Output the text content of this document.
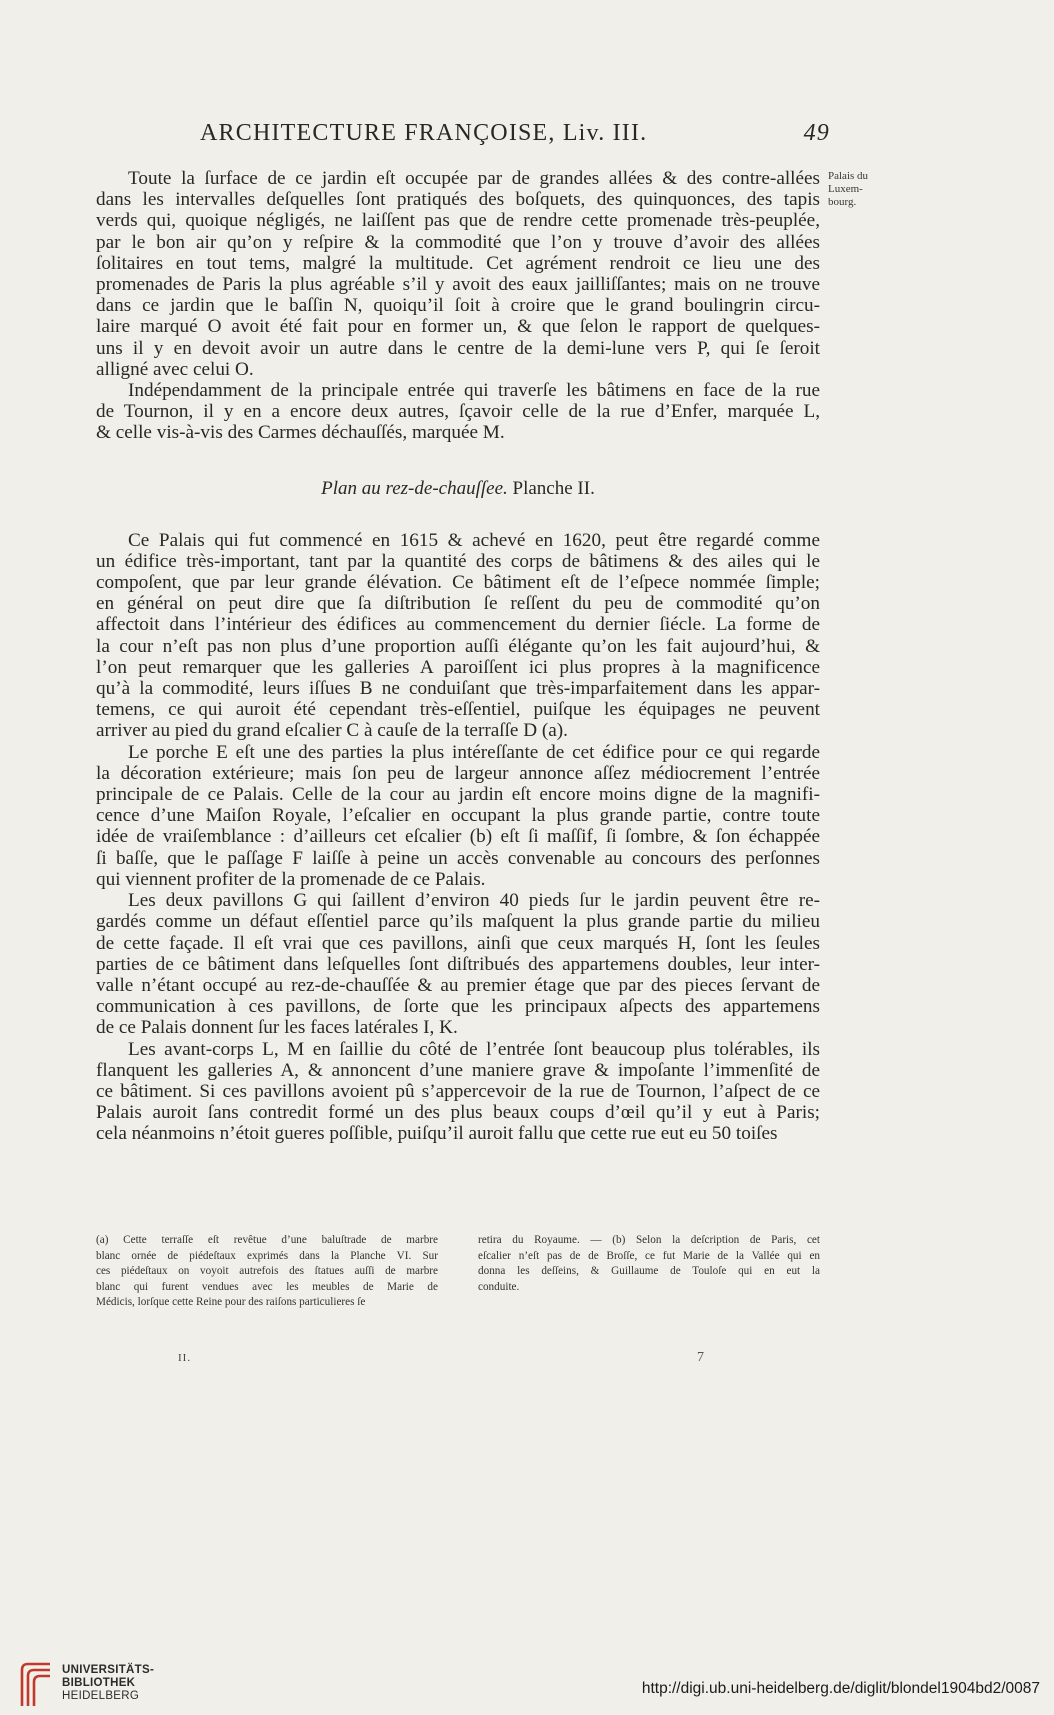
ARCHITECTURE FRANÇOISE, Liv. III.	49
Palais du
Luxem-
bourg.
Toute la ſurface de ce jardin eſt occupée par de grandes allées & des contre-allées
dans les intervalles deſquelles ſont pratiqués des boſquets, des quinquonces, des tapis
verds qui, quoique négligés, ne laiſſent pas que de rendre cette promenade très-peuplée,
par le bon air qu’on y reſpire & la commodité que l’on y trouve d’avoir des allées
ſolitaires en tout tems, malgré la multitude. Cet agrément rendroit ce lieu une des
promenades de Paris la plus agréable s’il y avoit des eaux jailliſſantes; mais on ne trouve
dans ce jardin que le baſſin N, quoiqu’il ſoit à croire que le grand boulingrin circu-
laire marqué O avoit été fait pour en former un, & que ſelon le rapport de quelques-
uns il y en devoit avoir un autre dans le centre de la demi-lune vers P, qui ſe ſeroit
alligné avec celui O.
Indépendamment de la principale entrée qui traverſe les bâtimens en face de la rue
de Tournon, il y en a encore deux autres, ſçavoir celle de la rue d’Enfer, marquée L,
& celle vis-à-vis des Carmes déchauſſés, marquée M.
Plan au rez-de-chauſſee. Planche II.
Ce Palais qui fut commencé en 1615 & achevé en 1620, peut être regardé comme
un édifice très-important, tant par la quantité des corps de bâtimens & des ailes qui le
compoſent, que par leur grande élévation. Ce bâtiment eſt de l’eſpece nommée ſimple;
en général on peut dire que ſa diſtribution ſe reſſent du peu de commodité qu’on
affectoit dans l’intérieur des édifices au commencement du dernier ſiécle. La forme de
la cour n’eſt pas non plus d’une proportion auſſi élégante qu’on les fait aujourd’hui, &
l’on peut remarquer que les galleries A paroiſſent ici plus propres à la magnificence
qu’à la commodité, leurs iſſues B ne conduiſant que très-imparfaitement dans les appar-
temens, ce qui auroit été cependant très-eſſentiel, puiſque les équipages ne peuvent
arriver au pied du grand eſcalier C à cauſe de la terraſſe D (a).
Le porche E eſt une des parties la plus intéreſſante de cet édifice pour ce qui regarde
la décoration extérieure; mais ſon peu de largeur annonce aſſez médiocrement l’entrée
principale de ce Palais. Celle de la cour au jardin eſt encore moins digne de la magnifi-
cence d’une Maiſon Royale, l’eſcalier en occupant la plus grande partie, contre toute
idée de vraiſemblance : d’ailleurs cet eſcalier (b) eſt ſi maſſif, ſi ſombre, & ſon échappée
ſi baſſe, que le paſſage F laiſſe à peine un accès convenable au concours des perſonnes
qui viennent profiter de la promenade de ce Palais.
Les deux pavillons G qui ſaillent d’environ 40 pieds ſur le jardin peuvent être re-
gardés comme un défaut eſſentiel parce qu’ils maſquent la plus grande partie du milieu
de cette façade. Il eſt vrai que ces pavillons, ainſi que ceux marqués H, ſont les ſeules
parties de ce bâtiment dans leſquelles ſont diſtribués des appartemens doubles, leur inter-
valle n’étant occupé au rez-de-chauſſée & au premier étage que par des pieces ſervant de
communication à ces pavillons, de ſorte que les principaux aſpects des appartemens
de ce Palais donnent ſur les faces latérales I, K.
Les avant-corps L, M en ſaillie du côté de l’entrée ſont beaucoup plus tolérables, ils
flanquent les galleries A, & annoncent d’une maniere grave & impoſante l’immenſité de
ce bâtiment. Si ces pavillons avoient pû s’appercevoir de la rue de Tournon, l’aſpect de ce
Palais auroit ſans contredit formé un des plus beaux coups d’œil qu’il y eut à Paris;
cela néanmoins n’étoit gueres poſſible, puiſqu’il auroit fallu que cette rue eut eu 50 toiſes
(a) Cette terraſſe eſt revêtue d’une baluſtrade de marbre
blanc ornée de piédeſtaux exprimés dans la Planche VI. Sur
ces piédeſtaux on voyoit autrefois des ſtatues auſſi de marbre
blanc qui furent vendues avec les meubles de Marie de
Médicis, lorſque cette Reine pour des raiſons particulieres ſe
retira du Royaume. — (b) Selon la deſcription de Paris, cet
eſcalier n’eſt pas de de Broſſe, ce fut Marie de la Vallée qui en
donna les deſſeins, & Guillaume de Touloſe qui en eut la
conduite.
II.	7
UNIVERSITÄTS-
BIBLIOTHEK
HEIDELBERG	http://digi.ub.uni-heidelberg.de/diglit/blondel1904bd2/0087
